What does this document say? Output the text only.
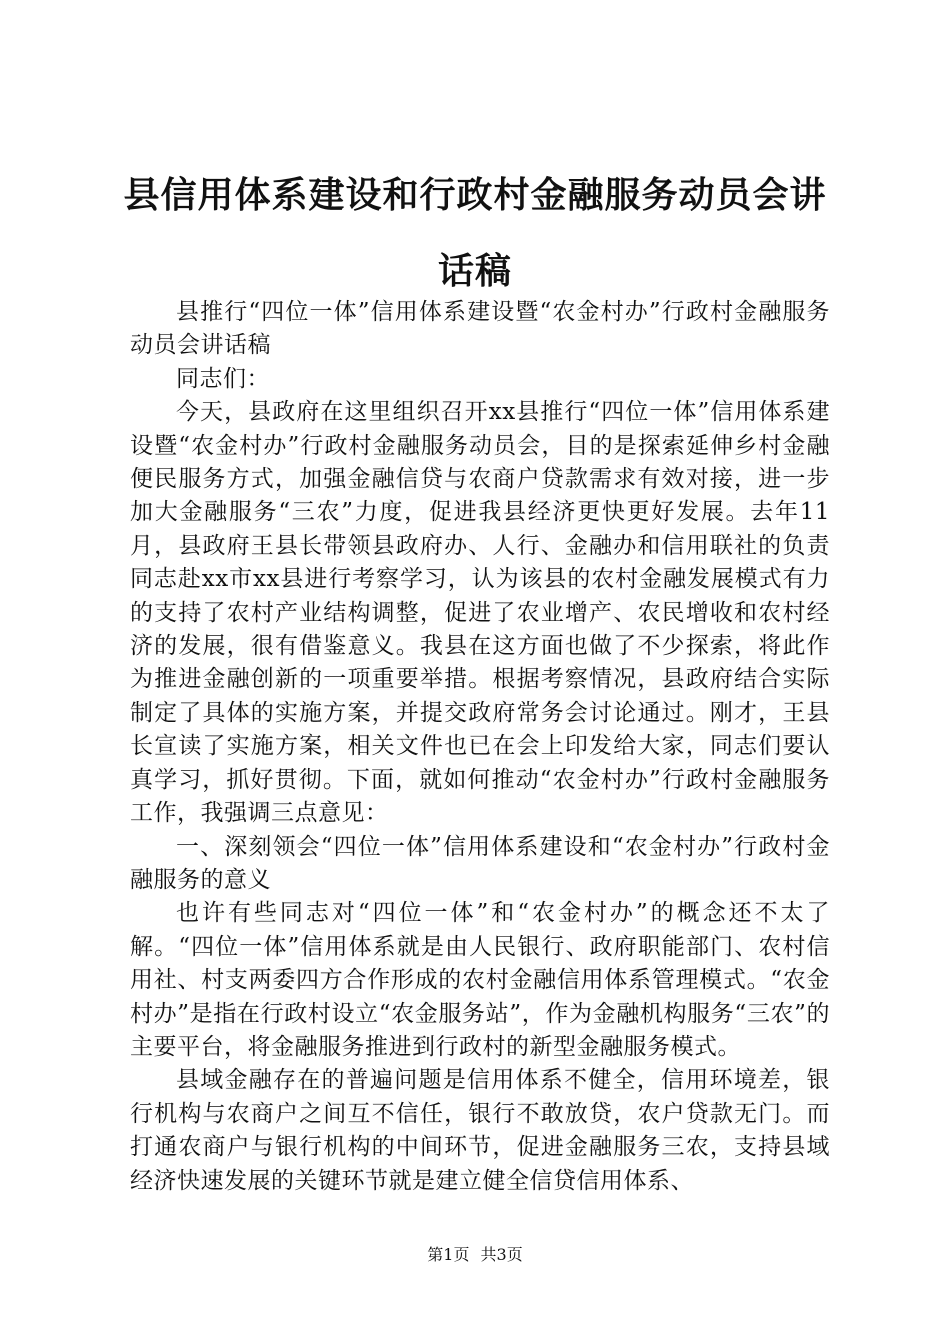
县信用体系建设和行政村金融服务动员会讲话稿

县推行“四位一体”信用体系建设暨“农金村办”行政村金融服务动员会讲话稿

同志们：

今天，县政府在这里组织召开xx县推行“四位一体”信用体系建设暨“农金村办”行政村金融服务动员会，目的是探索延伸乡村金融便民服务方式，加强金融信贷与农商户贷款需求有效对接，进一步加大金融服务“三农”力度，促进我县经济更快更好发展。去年11月，县政府王县长带领县政府办、人行、金融办和信用联社的负责同志赴xx市xx县进行考察学习，认为该县的农村金融发展模式有力的支持了农村产业结构调整，促进了农业增产、农民增收和农村经济的发展，很有借鉴意义。我县在这方面也做了不少探索，将此作为推进金融创新的一项重要举措。根据考察情况，县政府结合实际制定了具体的实施方案，并提交政府常务会讨论通过。刚才，王县长宣读了实施方案，相关文件也已在会上印发给大家，同志们要认真学习，抓好贯彻。下面，就如何推动“农金村办”行政村金融服务工作，我强调三点意见：

一、深刻领会“四位一体”信用体系建设和“农金村办”行政村金融服务的意义

也许有些同志对“四位一体”和“农金村办”的概念还不太了解。“四位一体”信用体系就是由人民银行、政府职能部门、农村信用社、村支两委四方合作形成的农村金融信用体系管理模式。“农金村办”是指在行政村设立“农金服务站”，作为金融机构服务“三农”的主要平台，将金融服务推进到行政村的新型金融服务模式。

县域金融存在的普遍问题是信用体系不健全，信用环境差，银行机构与农商户之间互不信任，银行不敢放贷，农户贷款无门。而打通农商户与银行机构的中间环节，促进金融服务三农，支持县域经济快速发展的关键环节就是建立健全信贷信用体系、

第1页 共3页
